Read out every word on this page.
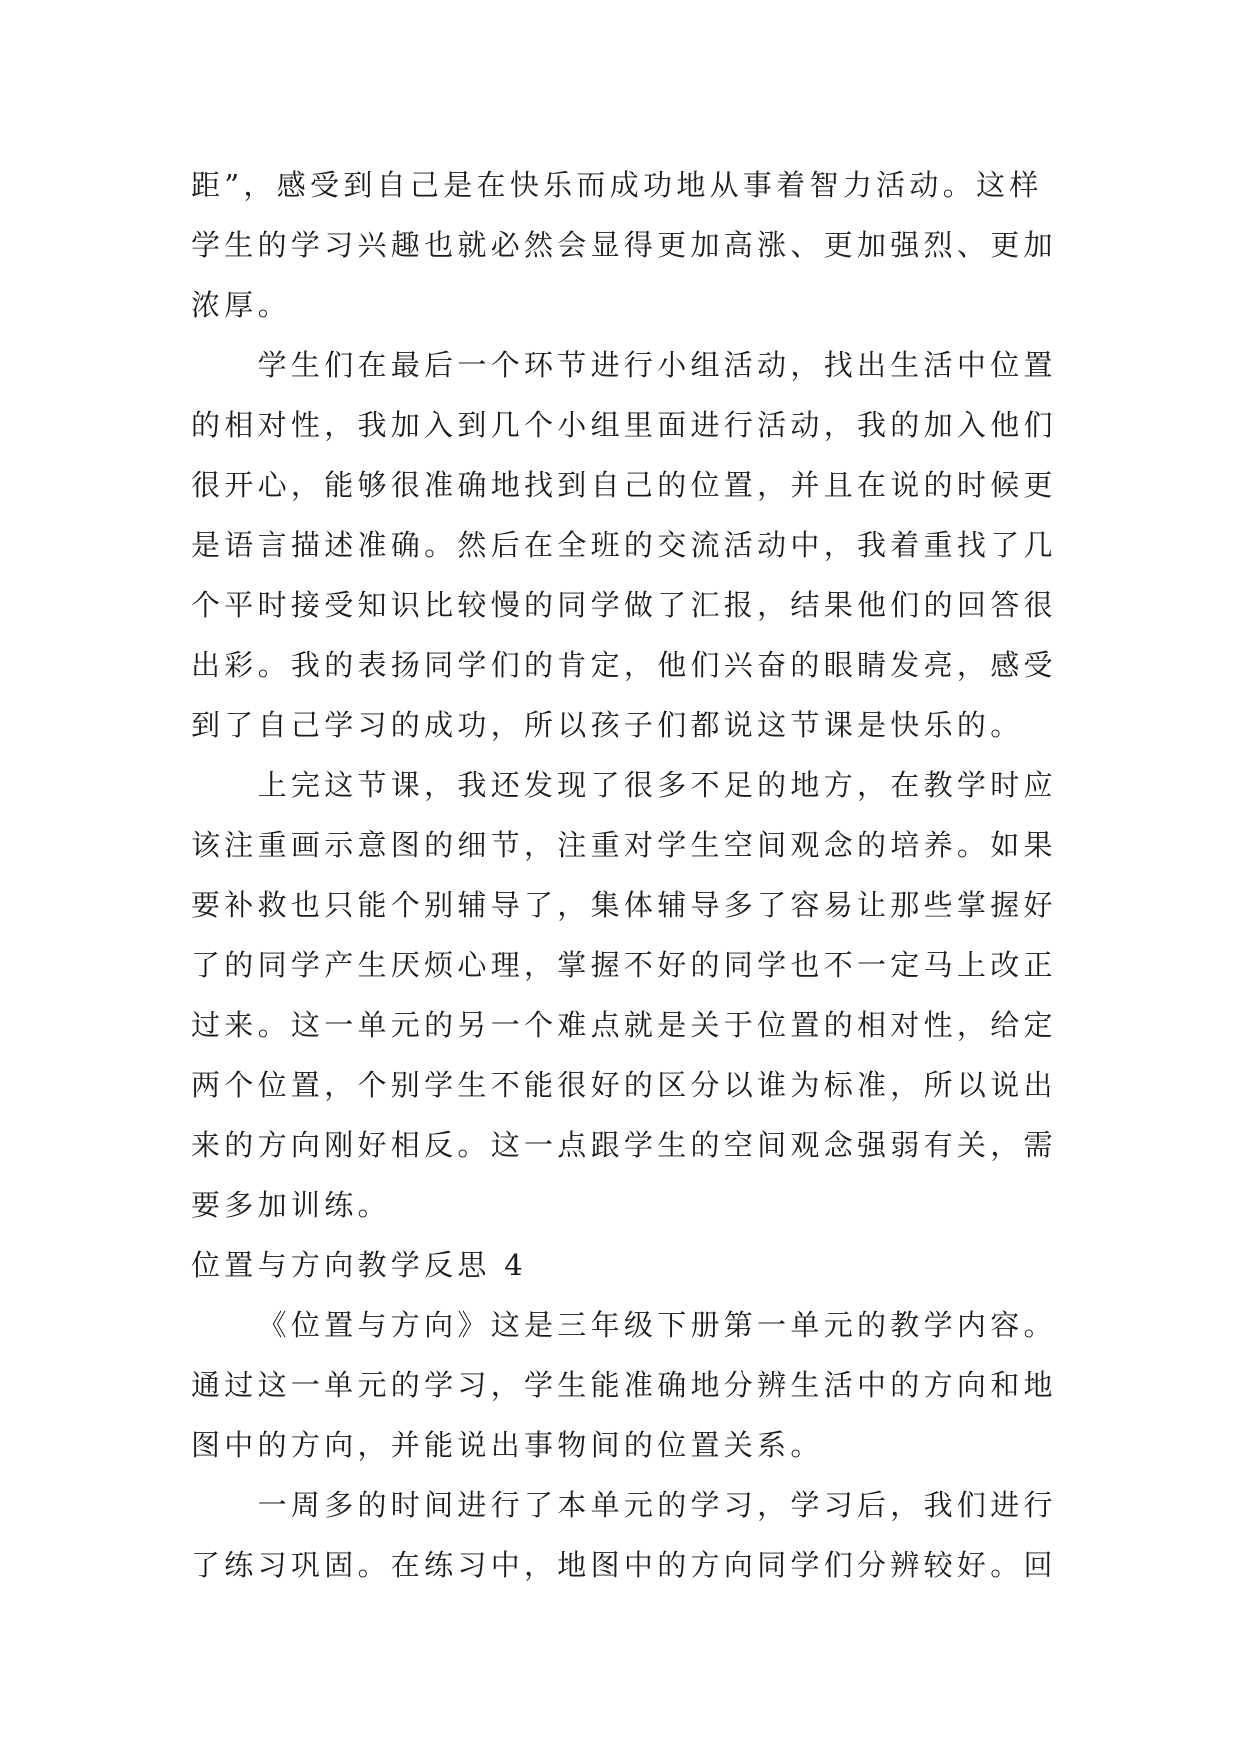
距”，感受到自己是在快乐而成功地从事着智力活动。这样
学生的学习兴趣也就必然会显得更加高涨、更加强烈、更加
浓厚。
学生们在最后一个环节进行小组活动，找出生活中位置
的相对性，我加入到几个小组里面进行活动，我的加入他们
很开心，能够很准确地找到自己的位置，并且在说的时候更
是语言描述准确。然后在全班的交流活动中，我着重找了几
个平时接受知识比较慢的同学做了汇报，结果他们的回答很
出彩。我的表扬同学们的肯定，他们兴奋的眼睛发亮，感受
到了自己学习的成功，所以孩子们都说这节课是快乐的。
上完这节课，我还发现了很多不足的地方，在教学时应
该注重画示意图的细节，注重对学生空间观念的培养。如果
要补救也只能个别辅导了，集体辅导多了容易让那些掌握好
了的同学产生厌烦心理，掌握不好的同学也不一定马上改正
过来。这一单元的另一个难点就是关于位置的相对性，给定
两个位置，个别学生不能很好的区分以谁为标准，所以说出
来的方向刚好相反。这一点跟学生的空间观念强弱有关，需
要多加训练。
位置与方向教学反思 4
《位置与方向》这是三年级下册第一单元的教学内容。
通过这一单元的学习，学生能准确地分辨生活中的方向和地
图中的方向，并能说出事物间的位置关系。
一周多的时间进行了本单元的学习，学习后，我们进行
了练习巩固。在练习中，地图中的方向同学们分辨较好。回
